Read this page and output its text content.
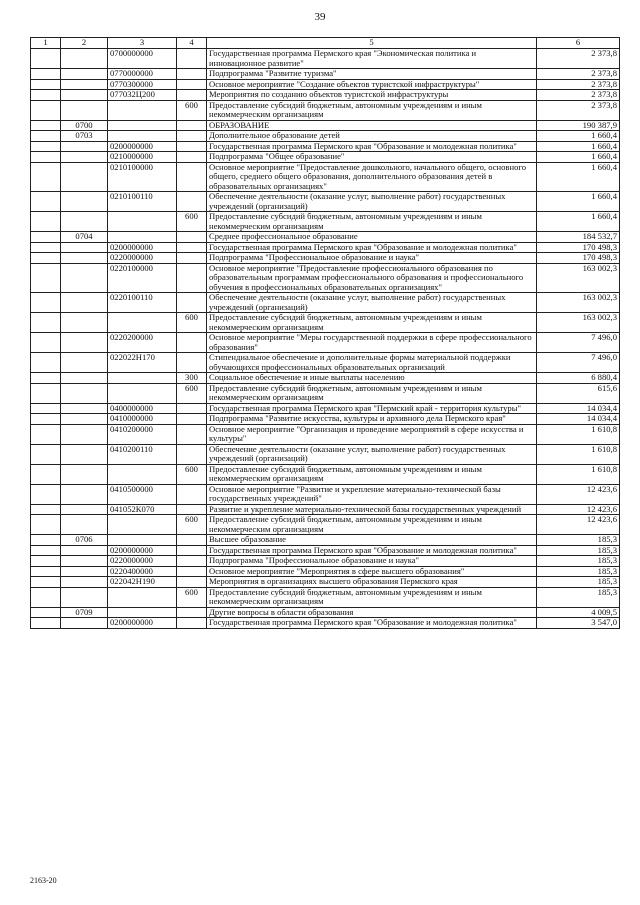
39
1	2	3	4	5	6
		0700000000		Государственная программа Пермского края "Экономическая политика и инновационное развитие"	2 373,8
		0770000000		Подпрограмма "Развитие туризма"	2 373,8
		0770300000		Основное мероприятие "Создание объектов туристской инфраструктуры"	2 373,8
		077032Ц200		Мероприятия по созданию объектов туристской инфраструктуры	2 373,8
			600	Предоставление субсидий бюджетным, автономным учреждениям и иным некоммерческим организациям	2 373,8
	0700			ОБРАЗОВАНИЕ	190 387,9
	0703			Дополнительное образование детей	1 660,4
		0200000000		Государственная программа Пермского края "Образование и молодежная политика"	1 660,4
		0210000000		Подпрограмма "Общее образование"	1 660,4
		0210100000		Основное мероприятие "Предоставление дошкольного, начального общего, основного общего, среднего общего образования, дополнительного образования детей в образовательных организациях"	1 660,4
		0210100110		Обеспечение деятельности (оказание услуг, выполнение работ) государственных учреждений (организаций)	1 660,4
			600	Предоставление субсидий бюджетным, автономным учреждениям и иным некоммерческим организациям	1 660,4
	0704			Среднее профессиональное образование	184 532,7
		0200000000		Государственная программа Пермского края "Образование и молодежная политика"	170 498,3
		0220000000		Подпрограмма "Профессиональное образование и наука"	170 498,3
		0220100000		Основное мероприятие "Предоставление профессионального образования по образовательным программам профессионального образования и профессионального обучения в профессиональных образовательных организациях"	163 002,3
		0220100110		Обеспечение деятельности (оказание услуг, выполнение работ) государственных учреждений (организаций)	163 002,3
			600	Предоставление субсидий бюджетным, автономным учреждениям и иным некоммерческим организациям	163 002,3
		0220200000		Основное мероприятие "Меры государственной поддержки в сфере профессионального образования"	7 496,0
		022022Н170		Стипендиальное обеспечение и дополнительные формы материальной поддержки обучающихся профессиональных образовательных организаций	7 496,0
			300	Социальное обеспечение и иные выплаты населению	6 880,4
			600	Предоставление субсидий бюджетным, автономным учреждениям и иным некоммерческим организациям	615,6
		0400000000		Государственная программа Пермского края "Пермский край - территория культуры"	14 034,4
		0410000000		Подпрограмма "Развитие искусства, культуры и архивного дела Пермского края"	14 034,4
		0410200000		Основное мероприятие "Организация и проведение мероприятий в сфере искусства и культуры"	1 610,8
		0410200110		Обеспечение деятельности (оказание услуг, выполнение работ) государственных учреждений (организаций)	1 610,8
			600	Предоставление субсидий бюджетным, автономным учреждениям и иным некоммерческим организациям	1 610,8
		0410500000		Основное мероприятие "Развитие и укрепление материально-технической базы государственных учреждений"	12 423,6
		041052К070		Развитие и укрепление материально-технической базы государственных учреждений	12 423,6
			600	Предоставление субсидий бюджетным, автономным учреждениям и иным некоммерческим организациям	12 423,6
	0706			Высшее образование	185,3
		0200000000		Государственная программа Пермского края "Образование и молодежная политика"	185,3
		0220000000		Подпрограмма "Профессиональное образование и наука"	185,3
		0220400000		Основное мероприятие "Мероприятия в сфере высшего образования"	185,3
		022042Н190		Мероприятия в организациях высшего образования Пермского края	185,3
			600	Предоставление субсидий бюджетным, автономным учреждениям и иным некоммерческим организациям	185,3
	0709			Другие вопросы в области образования	4 009,5
		0200000000		Государственная программа Пермского края "Образование и молодежная политика"	3 547,0
2163-20
